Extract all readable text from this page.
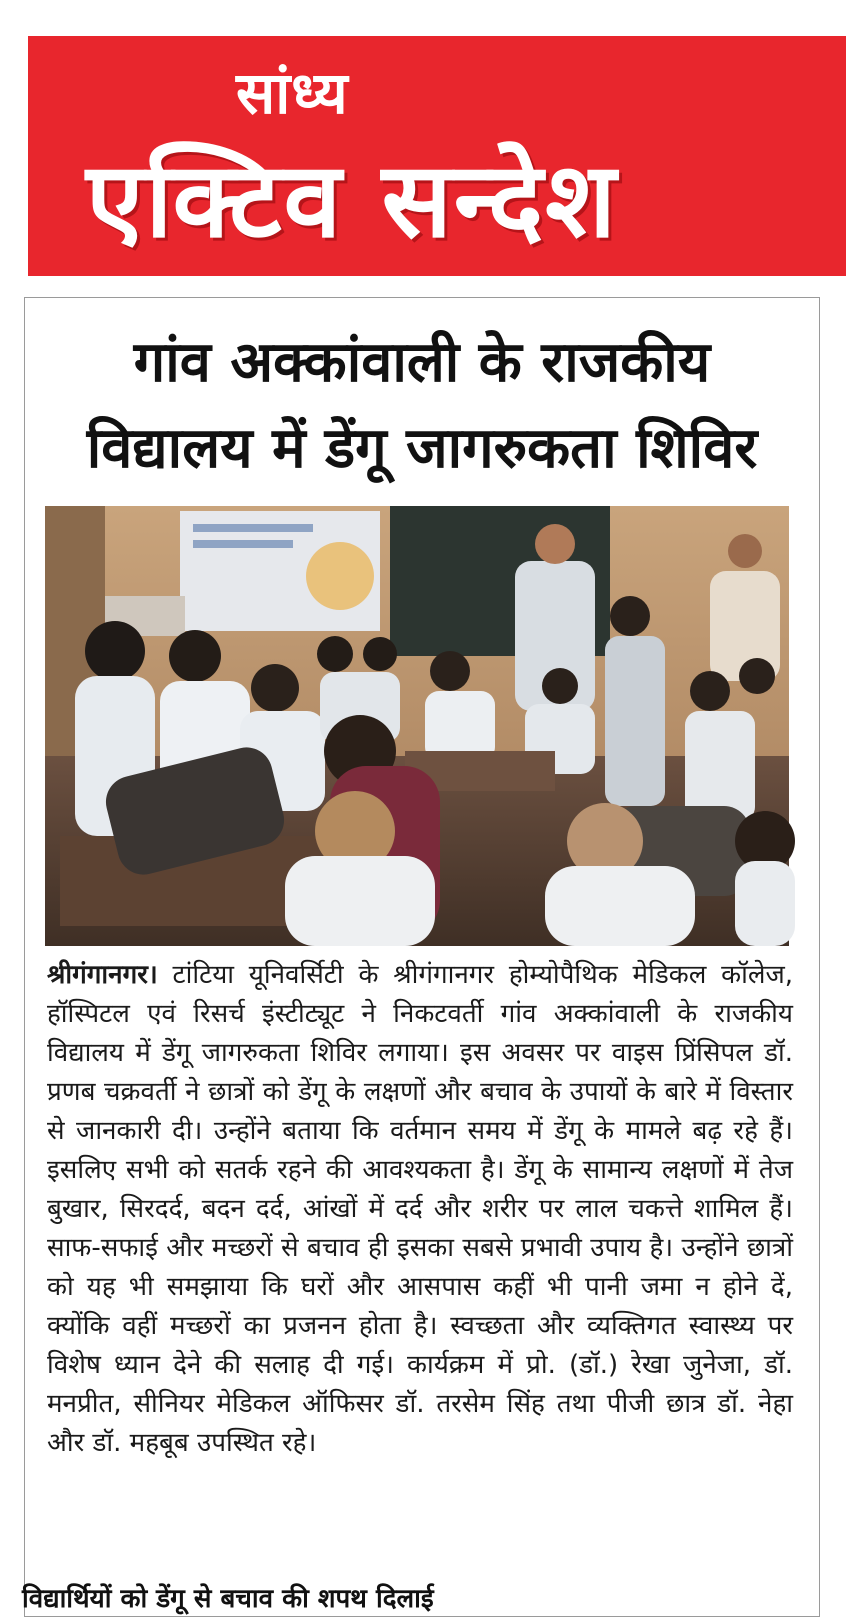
सांध्य
एक्टिव सन्देश
गांव अक्कांवाली के राजकीय
विद्यालय में डेंगू जागरुकता शिविर
श्रीगंगानगर। टांटिया यूनिवर्सिटी के श्रीगंगानगर होम्योपैथिक मेडिकल कॉलेज, हॉस्पिटल एवं रिसर्च इंस्टीट्यूट ने निकटवर्ती गांव अक्कांवाली के राजकीय विद्यालय में डेंगू जागरुकता शिविर लगाया। इस अवसर पर वाइस प्रिंसिपल डॉ. प्रणब चक्रवर्ती ने छात्रों को डेंगू के लक्षणों और बचाव के उपायों के बारे में विस्तार से जानकारी दी। उन्होंने बताया कि वर्तमान समय में डेंगू के मामले बढ़ रहे हैं। इसलिए सभी को सतर्क रहने की आवश्यकता है। डेंगू के सामान्य लक्षणों में तेज बुखार, सिरदर्द, बदन दर्द, आंखों में दर्द और शरीर पर लाल चकत्ते शामिल हैं। साफ-सफाई और मच्छरों से बचाव ही इसका सबसे प्रभावी उपाय है। उन्होंने छात्रों को यह भी समझाया कि घरों और आसपास कहीं भी पानी जमा न होने दें, क्योंकि वहीं मच्छरों का प्रजनन होता है। स्वच्छता और व्यक्तिगत स्वास्थ्य पर विशेष ध्यान देने की सलाह दी गई। कार्यक्रम में प्रो. (डॉ.) रेखा जुनेजा, डॉ. मनप्रीत, सीनियर मेडिकल ऑफिसर डॉ. तरसेम सिंह तथा पीजी छात्र डॉ. नेहा और डॉ. महबूब उपस्थित रहे।
विद्यार्थियों को डेंगू से बचाव की शपथ दिलाई
